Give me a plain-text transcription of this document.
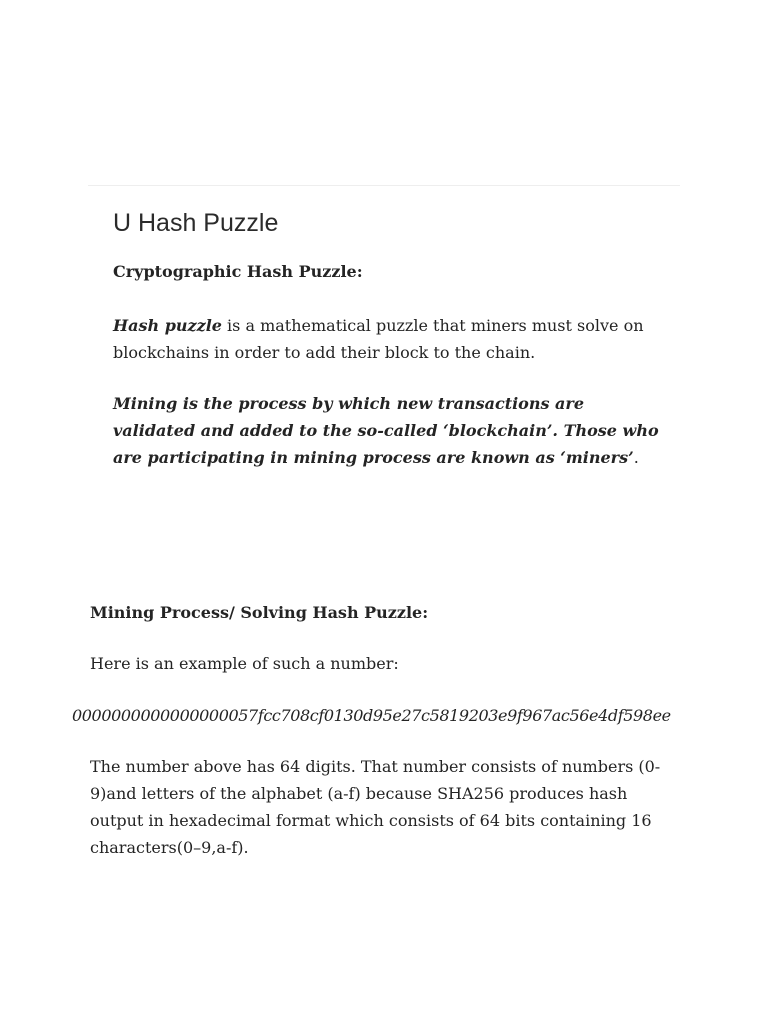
U Hash Puzzle

Cryptographic Hash Puzzle:

Hash puzzle is a mathematical puzzle that miners must solve on blockchains in order to add their block to the chain.

Mining is the process by which new transactions are validated and added to the so-called ‘blockchain’. Those who are participating in mining process are known as ‘miners’.

Mining Process/ Solving Hash Puzzle:

Here is an example of such a number:

0000000000000000057fcc708cf0130d95e27c5819203e9f967ac56e4df598ee

The number above has 64 digits. That number consists of numbers (0-9)and letters of the alphabet (a-f) because SHA256 produces hash output in hexadecimal format which consists of 64 bits containing 16 characters(0–9,a-f).
